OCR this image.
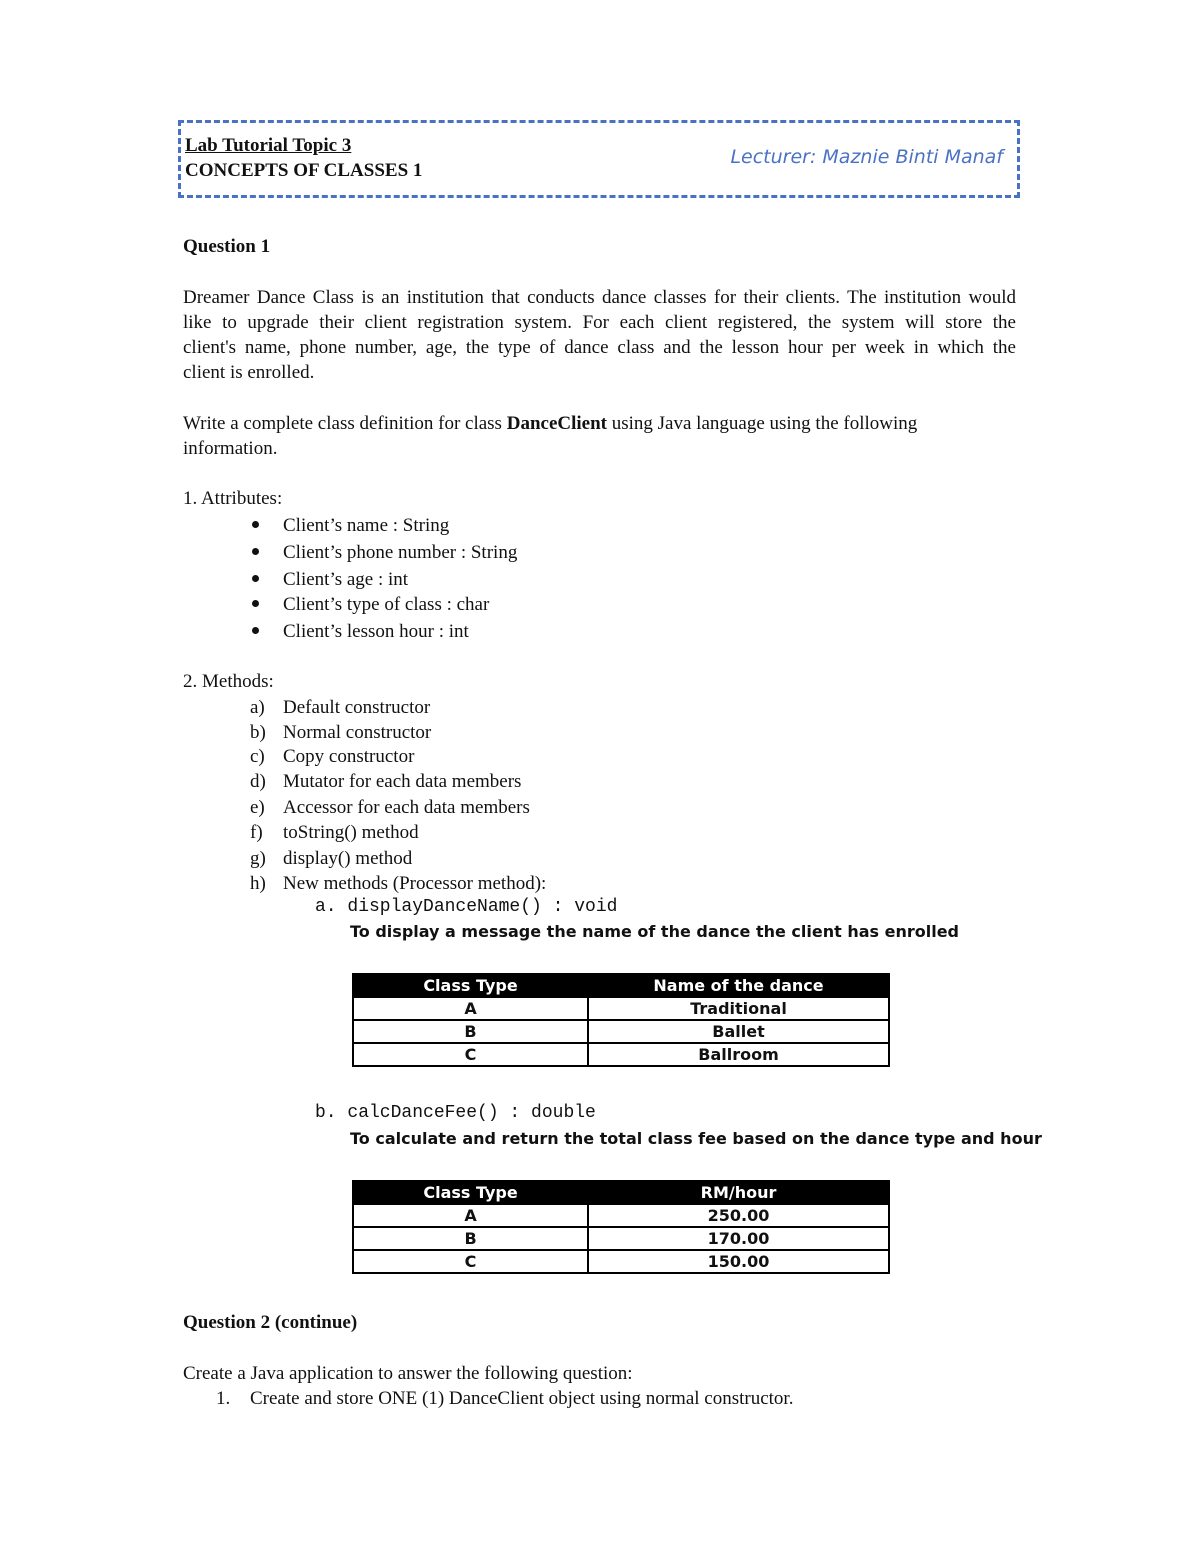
Lab Tutorial Topic 3
CONCEPTS OF CLASSES 1
Lecturer: Maznie Binti Manaf
Question 1
Dreamer Dance Class is an institution that conducts dance classes for their clients. The institution would
like to upgrade their client registration system. For each client registered, the system will store the
client's name, phone number, age, the type of dance class and the lesson hour per week in which the
client is enrolled.
Write a complete class definition for class DanceClient using Java language using the following
information.
1. Attributes:
Client’s name : String
Client’s phone number : String
Client’s age : int
Client’s type of class : char
Client’s lesson hour : int
2. Methods:
a) Default constructor
b) Normal constructor
c) Copy constructor
d) Mutator for each data members
e) Accessor for each data members
f) toString() method
g) display() method
h) New methods (Processor method):
a. displayDanceName() : void
To display a message the name of the dance the client has enrolled
Class Type	Name of the dance
A	Traditional
B	Ballet
C	Ballroom
b. calcDanceFee() : double
To calculate and return the total class fee based on the dance type and hour
Class Type	RM/hour
A	250.00
B	170.00
C	150.00
Question 2 (continue)
Create a Java application to answer the following question:
1. Create and store ONE (1) DanceClient object using normal constructor.
